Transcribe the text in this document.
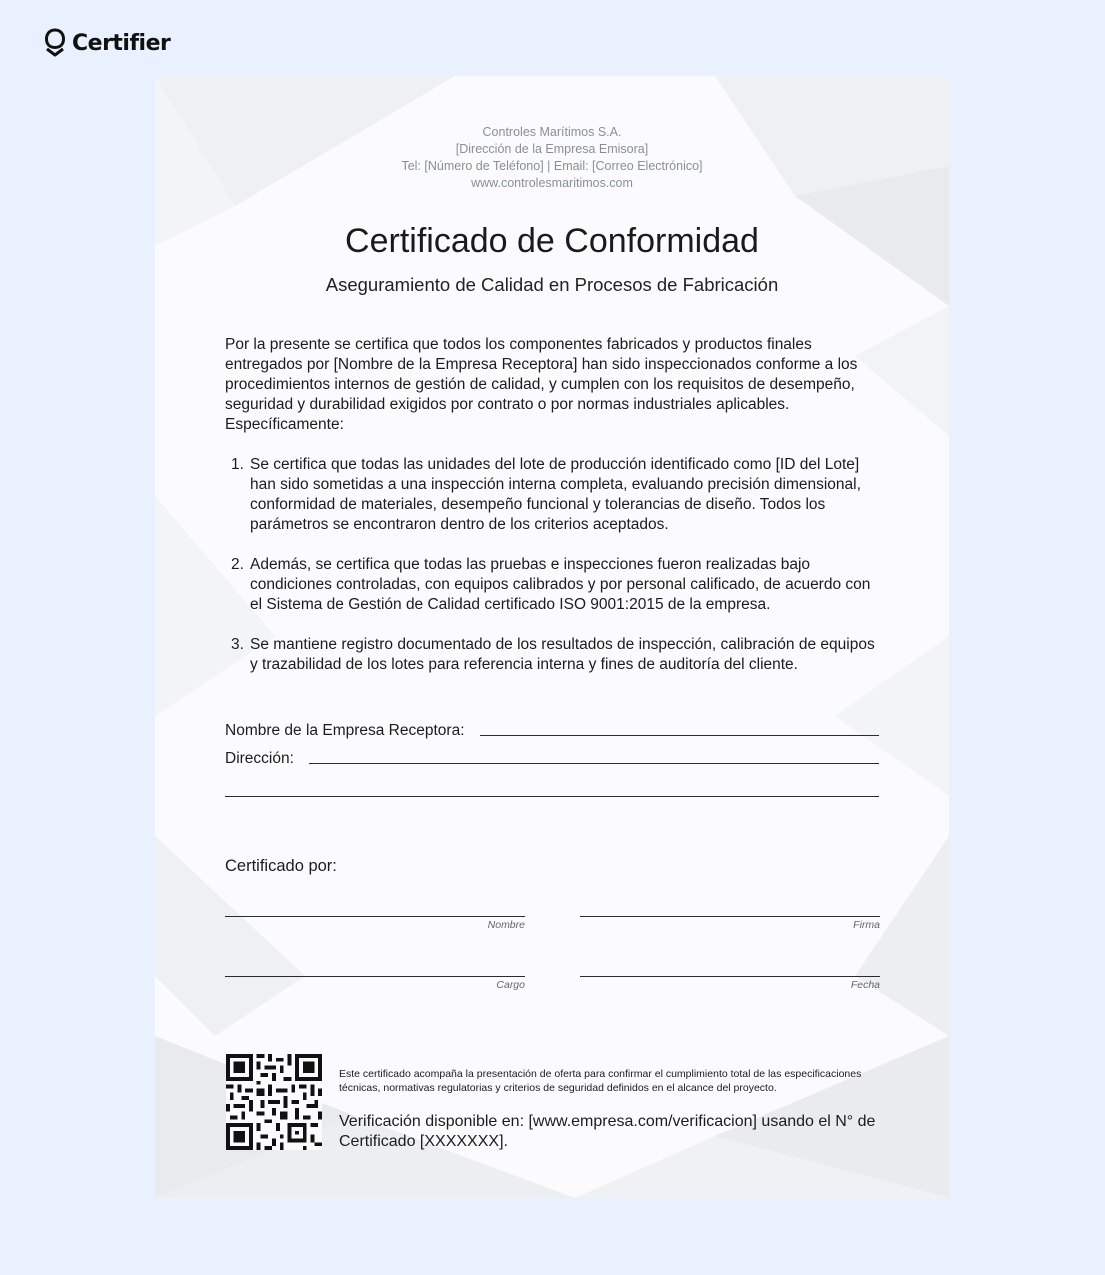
Certifier
Controles Marítimos S.A.
[Dirección de la Empresa Emisora]
Tel: [Número de Teléfono] | Email: [Correo Electrónico]
www.controlesmaritimos.com
Certificado de Conformidad
Aseguramiento de Calidad en Procesos de Fabricación
Por la presente se certifica que todos los componentes fabricados y productos finales entregados por [Nombre de la Empresa Receptora] han sido inspeccionados conforme a los procedimientos internos de gestión de calidad, y cumplen con los requisitos de desempeño, seguridad y durabilidad exigidos por contrato o por normas industriales aplicables. Específicamente:
1. Se certifica que todas las unidades del lote de producción identificado como [ID del Lote] han sido sometidas a una inspección interna completa, evaluando precisión dimensional, conformidad de materiales, desempeño funcional y tolerancias de diseño. Todos los parámetros se encontraron dentro de los criterios aceptados.
2. Además, se certifica que todas las pruebas e inspecciones fueron realizadas bajo condiciones controladas, con equipos calibrados y por personal calificado, de acuerdo con el Sistema de Gestión de Calidad certificado ISO 9001:2015 de la empresa.
3. Se mantiene registro documentado de los resultados de inspección, calibración de equipos y trazabilidad de los lotes para referencia interna y fines de auditoría del cliente.
Nombre de la Empresa Receptora:
Dirección:
Certificado por:
Nombre	Firma
Cargo	Fecha
Este certificado acompaña la presentación de oferta para confirmar el cumplimiento total de las especificaciones técnicas, normativas regulatorias y criterios de seguridad definidos en el alcance del proyecto.
Verificación disponible en: [www.empresa.com/verificacion] usando el N° de Certificado [XXXXXXX].
